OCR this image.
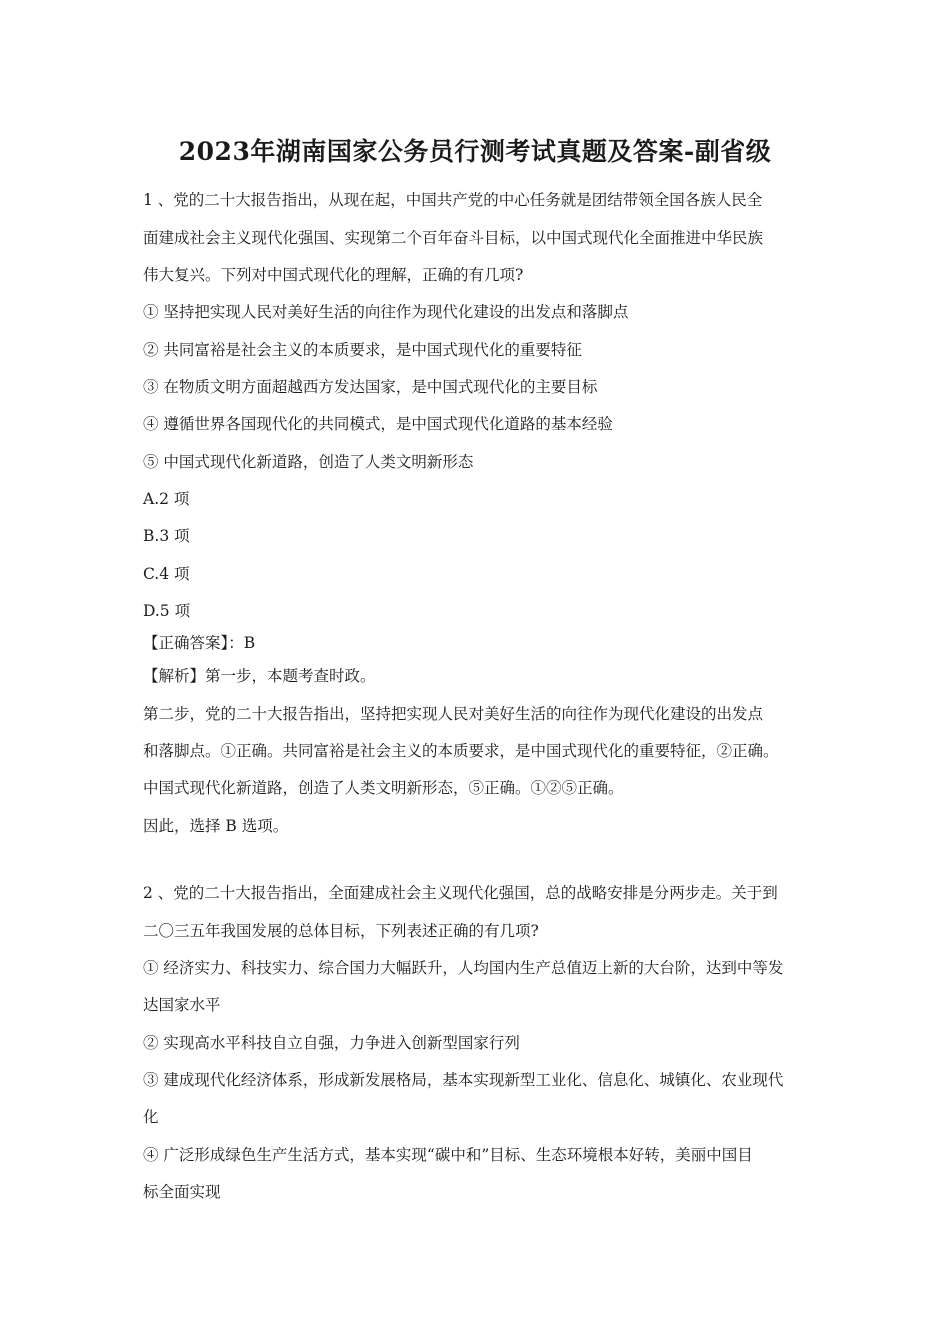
2023年湖南国家公务员行测考试真题及答案-副省级
1 、党的二十大报告指出，从现在起，中国共产党的中心任务就是团结带领全国各族人民全
面建成社会主义现代化强国、实现第二个百年奋斗目标，以中国式现代化全面推进中华民族
伟大复兴。下列对中国式现代化的理解，正确的有几项?
① 坚持把实现人民对美好生活的向往作为现代化建设的出发点和落脚点
② 共同富裕是社会主义的本质要求，是中国式现代化的重要特征
③ 在物质文明方面超越西方发达国家，是中国式现代化的主要目标
④ 遵循世界各国现代化的共同模式，是中国式现代化道路的基本经验
⑤ 中国式现代化新道路，创造了人类文明新形态
A.2 项
B.3 项
C.4 项
D.5 项
【正确答案】：B
【解析】第一步，本题考查时政。
第二步，党的二十大报告指出，坚持把实现人民对美好生活的向往作为现代化建设的出发点
和落脚点。①正确。共同富裕是社会主义的本质要求，是中国式现代化的重要特征，②正确。
中国式现代化新道路，创造了人类文明新形态，⑤正确。①②⑤正确。
因此，选择 B 选项。
2 、党的二十大报告指出，全面建成社会主义现代化强国，总的战略安排是分两步走。关于到
二〇三五年我国发展的总体目标，下列表述正确的有几项?
① 经济实力、科技实力、综合国力大幅跃升，人均国内生产总值迈上新的大台阶，达到中等发
达国家水平
② 实现高水平科技自立自强，力争进入创新型国家行列
③ 建成现代化经济体系，形成新发展格局，基本实现新型工业化、信息化、城镇化、农业现代
化
④ 广泛形成绿色生产生活方式，基本实现“碳中和”目标、生态环境根本好转，美丽中国目
标全面实现
